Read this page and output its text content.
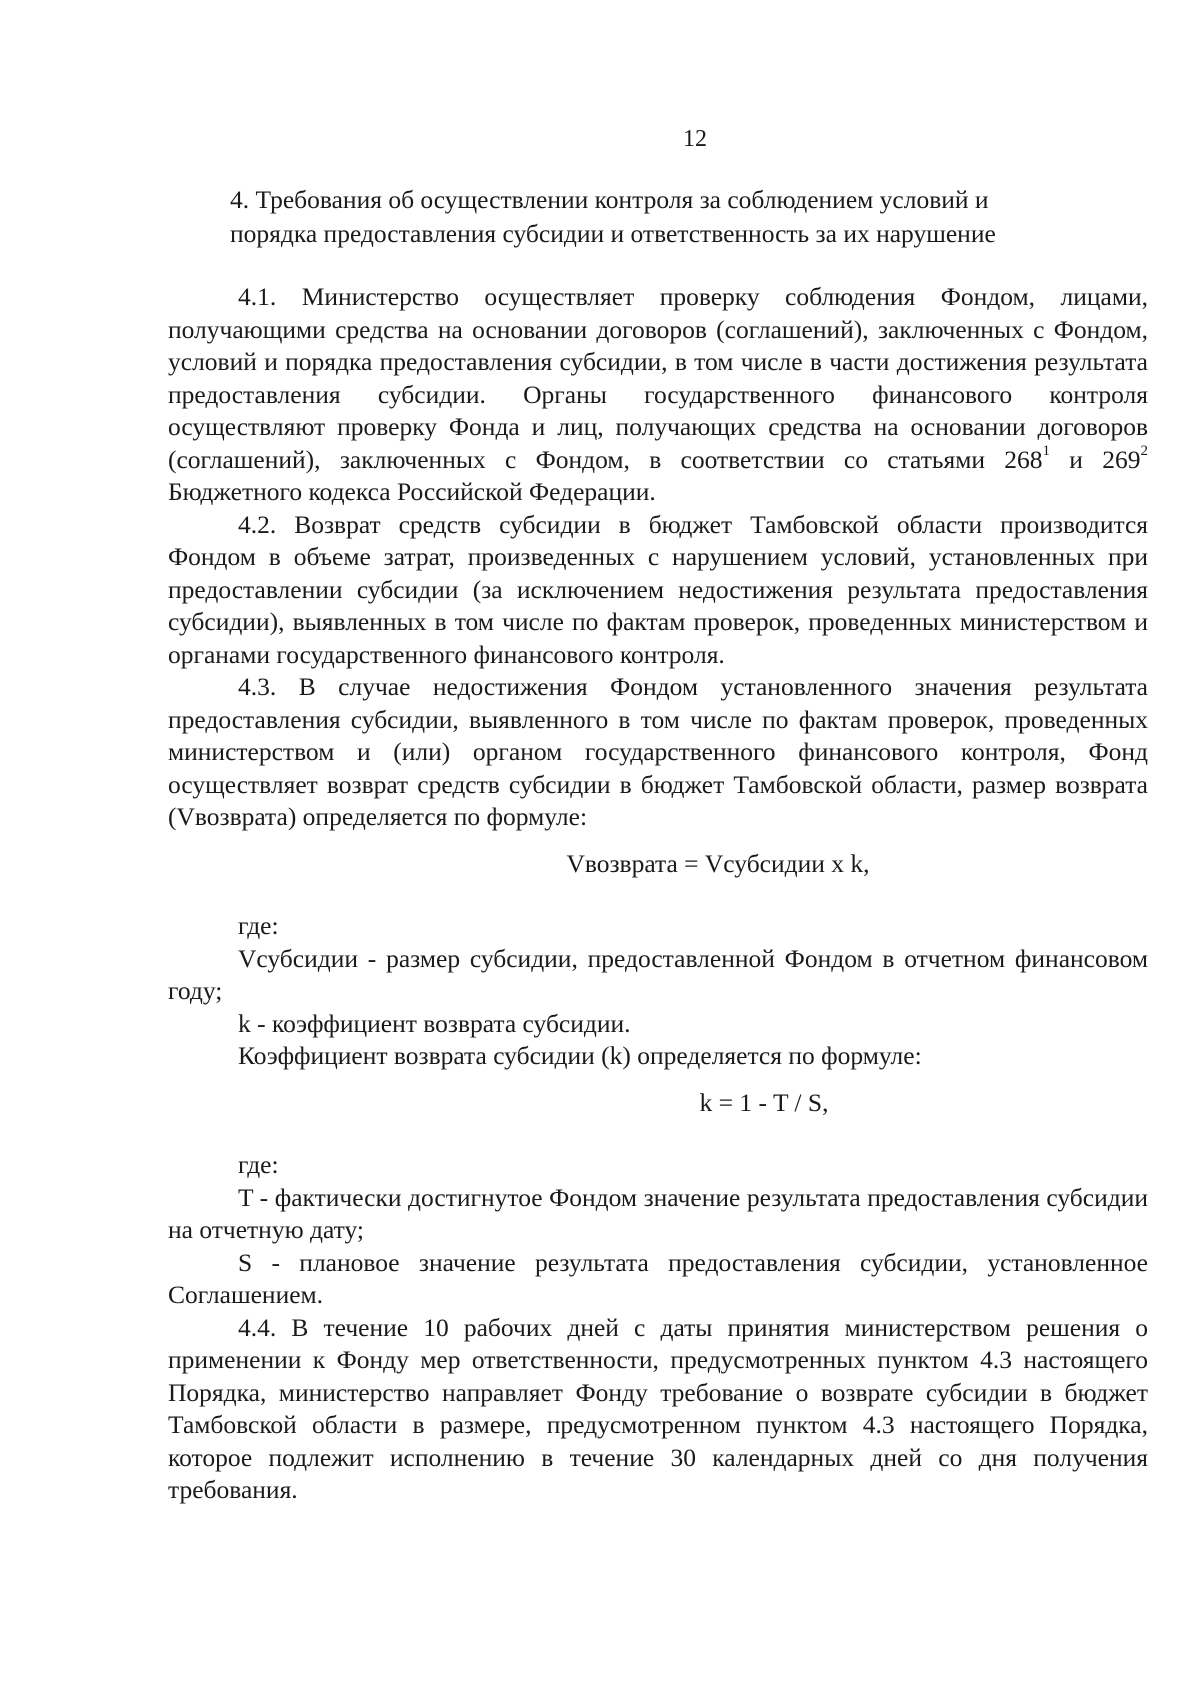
12
4. Требования об осуществлении контроля за соблюдением условий и
порядка предоставления субсидии и ответственность за их нарушение

4.1. Министерство осуществляет проверку соблюдения Фондом, лицами, получающими средства на основании договоров (соглашений), заключенных с Фондом, условий и порядка предоставления субсидии, в том числе в части достижения результата предоставления субсидии. Органы государственного финансового контроля осуществляют проверку Фонда и лиц, получающих средства на основании договоров (соглашений), заключенных с Фондом, в соответствии со статьями $268^1$ и $269^2$ Бюджетного кодекса Российской Федерации.

4.2. Возврат средств субсидии в бюджет Тамбовской области производится Фондом в объеме затрат, произведенных с нарушением условий, установленных при предоставлении субсидии (за исключением недостижения результата предоставления субсидии), выявленных в том числе по фактам проверок, проведенных министерством и органами государственного финансового контроля.

4.3. В случае недостижения Фондом установленного значения результата предоставления субсидии, выявленного в том числе по фактам проверок, проведенных министерством и (или) органом государственного финансового контроля, Фонд осуществляет возврат средств субсидии в бюджет Тамбовской области, размер возврата (Vвозврата) определяется по формуле:

Vвозврата = Vсубсидии x k,

где:

Vсубсидии - размер субсидии, предоставленной Фондом в отчетном финансовом году;

k - коэффициент возврата субсидии.

Коэффициент возврата субсидии (k) определяется по формуле:

k = 1 - T / S,

где:

T - фактически достигнутое Фондом значение результата предоставления субсидии на отчетную дату;

S - плановое значение результата предоставления субсидии, установленное Соглашением.

4.4. В течение 10 рабочих дней с даты принятия министерством решения о применении к Фонду мер ответственности, предусмотренных пунктом 4.3 настоящего Порядка, министерство направляет Фонду требование о возврате субсидии в бюджет Тамбовской области в размере, предусмотренном пунктом 4.3 настоящего Порядка, которое подлежит исполнению в течение 30 календарных дней со дня получения требования.
